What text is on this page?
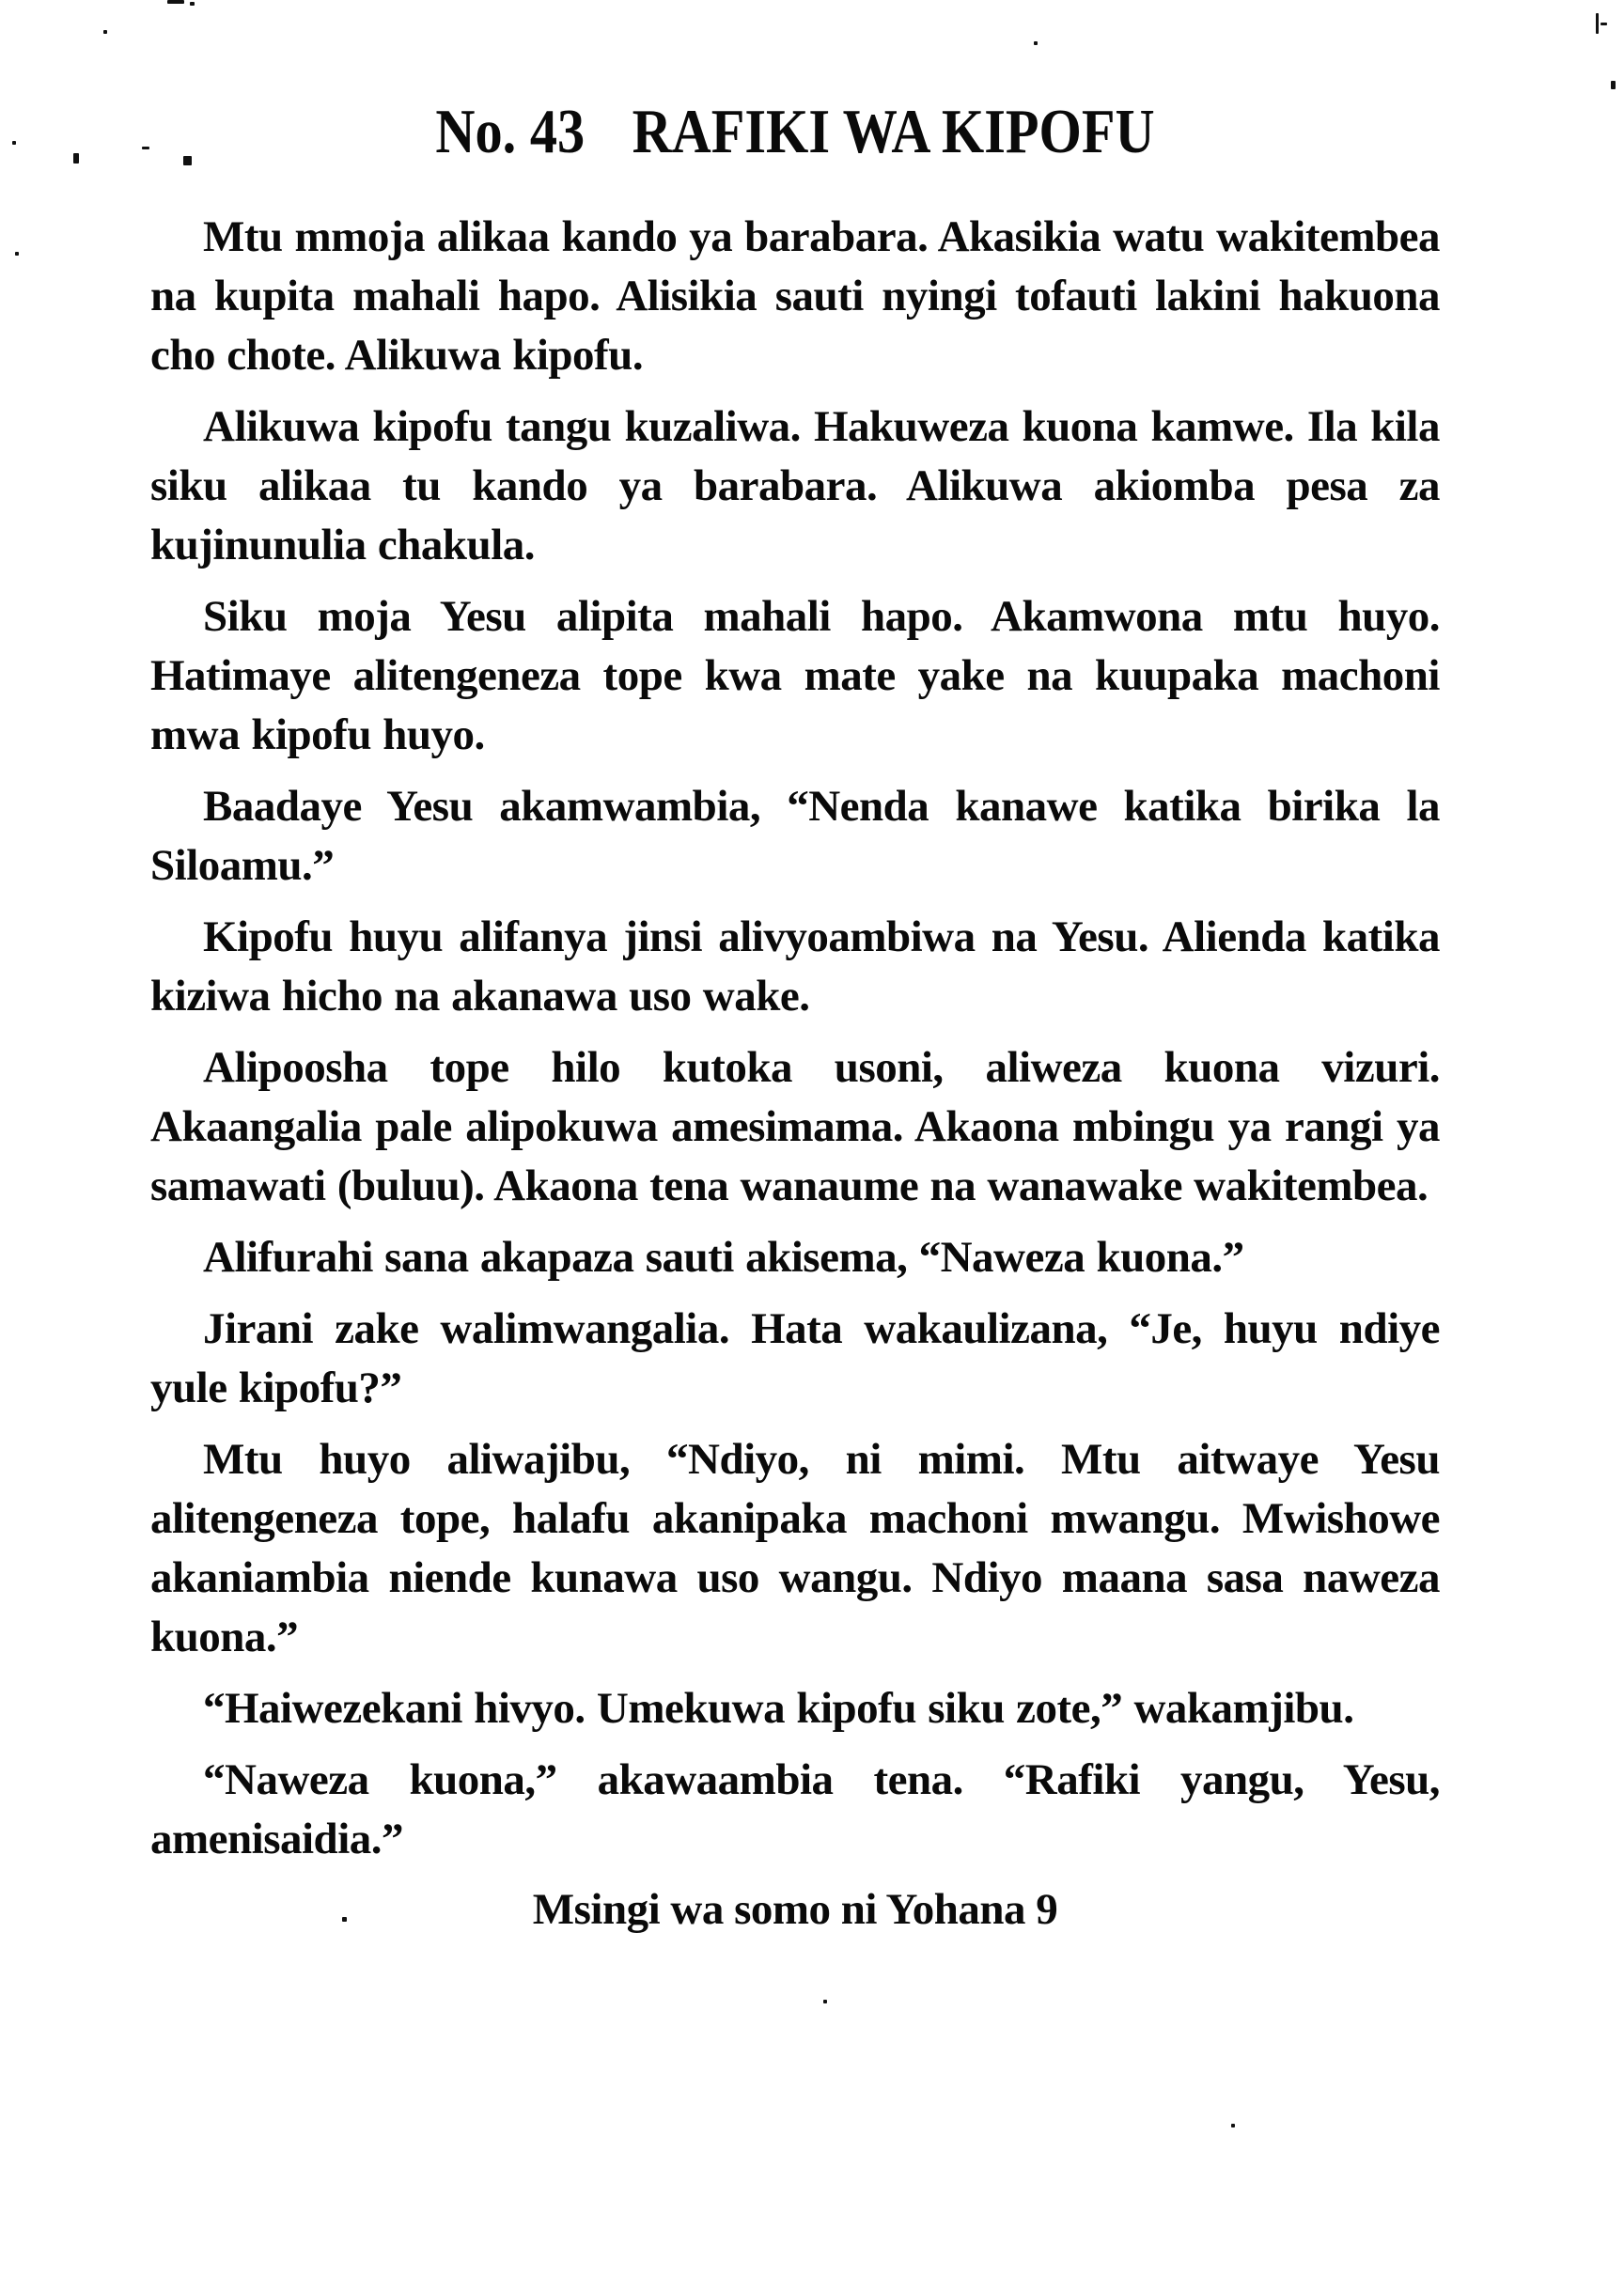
No. 43 RAFIKI WA KIPOFU

Mtu mmoja alikaa kando ya barabara. Akasikia watu wakitembea na kupita mahali hapo. Alisikia sauti nyingi tofauti lakini hakuona cho chote. Alikuwa kipofu.

Alikuwa kipofu tangu kuzaliwa. Hakuweza kuona kamwe. Ila kila siku alikaa tu kando ya barabara. Alikuwa akiomba pesa za kujinunulia chakula.

Siku moja Yesu alipita mahali hapo. Akamwona mtu huyo. Hatimaye alitengeneza tope kwa mate yake na kuupaka machoni mwa kipofu huyo.

Baadaye Yesu akamwambia, “Nenda kanawe katika birika la Siloamu.”

Kipofu huyu alifanya jinsi alivyoambiwa na Yesu. Alienda katika kiziwa hicho na akanawa uso wake.

Alipoosha tope hilo kutoka usoni, aliweza kuona vizuri. Akaangalia pale alipokuwa amesimama. Akaona mbingu ya rangi ya samawati (buluu). Akaona tena wanaume na wanawake wakitembea.

Alifurahi sana akapaza sauti akisema, “Naweza kuona.”

Jirani zake walimwangalia. Hata wakaulizana, “Je, huyu ndiye yule kipofu?”

Mtu huyo aliwajibu, “Ndiyo, ni mimi. Mtu aitwaye Yesu alitengeneza tope, halafu akanipaka machoni mwangu. Mwishowe akaniambia niende kunawa uso wangu. Ndiyo maana sasa naweza kuona.”

“Haiwezekani hivyo. Umekuwa kipofu siku zote,” wakamjibu.

“Naweza kuona,” akawaambia tena. “Rafiki yangu, Yesu, amenisaidia.”

Msingi wa somo ni Yohana 9
